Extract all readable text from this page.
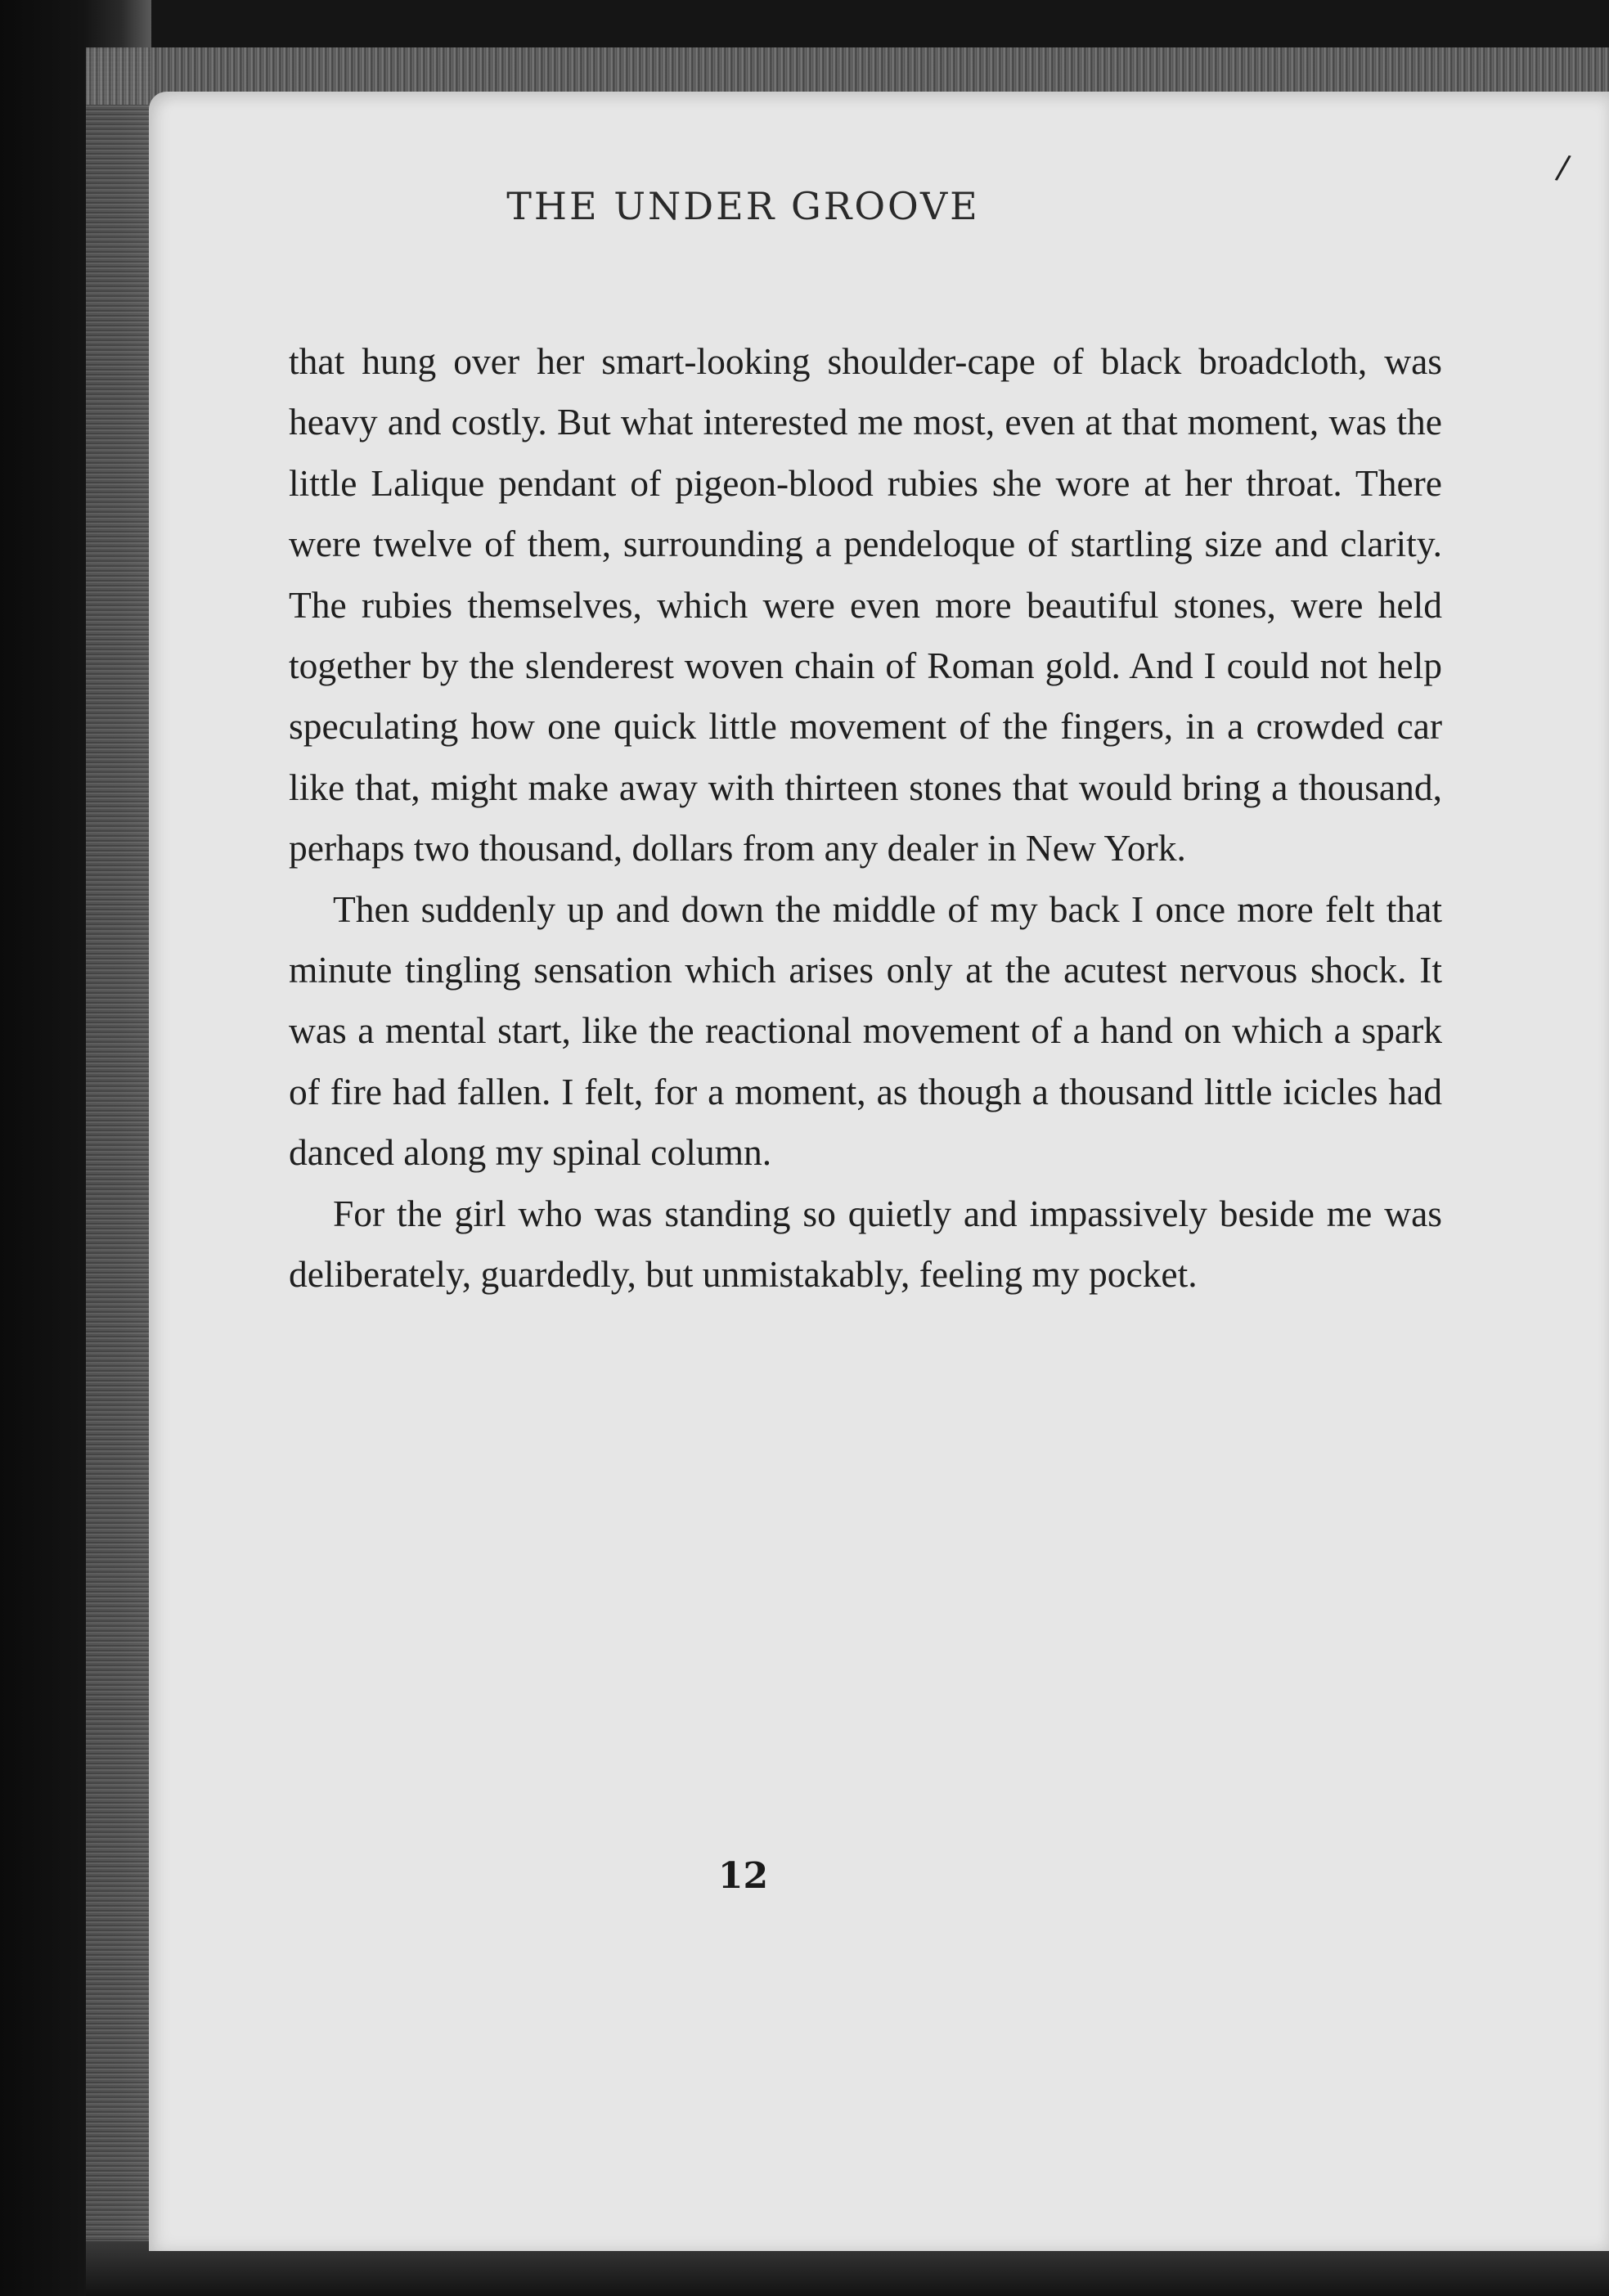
/
THE UNDER GROOVE

that hung over her smart-looking shoulder-cape of black broadcloth, was heavy and costly. But what interested me most, even at that moment, was the little Lalique pendant of pigeon-blood rubies she wore at her throat. There were twelve of them, surrounding a pendeloque of startling size and clarity. The rubies themselves, which were even more beautiful stones, were held together by the slenderest woven chain of Roman gold. And I could not help speculating how one quick little movement of the fingers, in a crowded car like that, might make away with thirteen stones that would bring a thousand, perhaps two thousand, dollars from any dealer in New York.

Then suddenly up and down the middle of my back I once more felt that minute tingling sensation which arises only at the acutest nervous shock. It was a mental start, like the reactional movement of a hand on which a spark of fire had fallen. I felt, for a moment, as though a thousand little icicles had danced along my spinal column.

For the girl who was standing so quietly and impassively beside me was deliberately, guardedly, but unmistakably, feeling my pocket.

12
